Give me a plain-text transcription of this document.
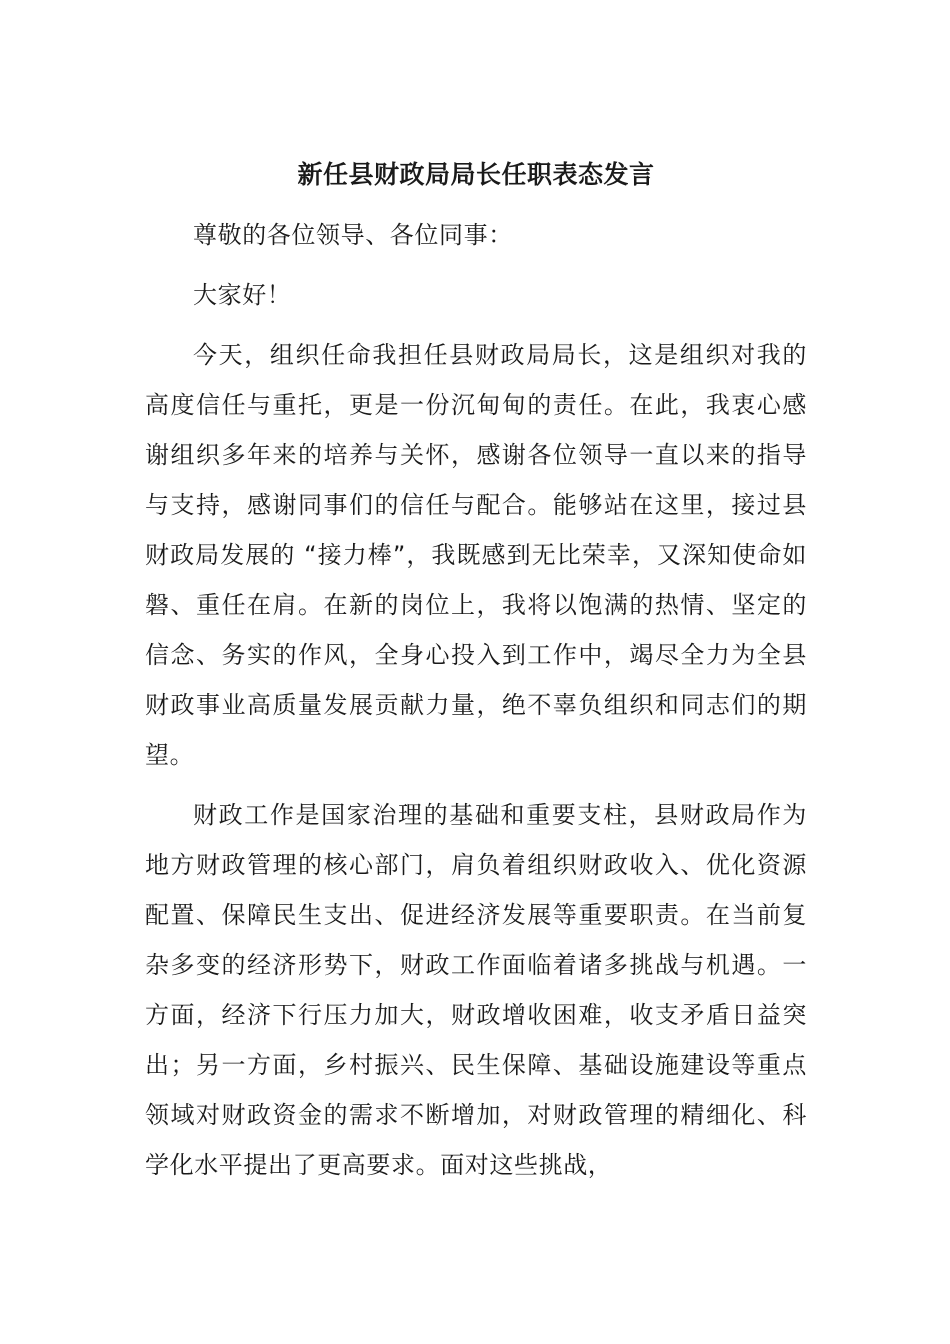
新任县财政局局长任职表态发言

尊敬的各位领导、各位同事：

大家好！

今天，组织任命我担任县财政局局长，这是组织对我的高度信任与重托，更是一份沉甸甸的责任。在此，我衷心感谢组织多年来的培养与关怀，感谢各位领导一直以来的指导与支持，感谢同事们的信任与配合。能够站在这里，接过县财政局发展的 “接力棒”，我既感到无比荣幸，又深知使命如磐、重任在肩。在新的岗位上，我将以饱满的热情、坚定的信念、务实的作风，全身心投入到工作中，竭尽全力为全县财政事业高质量发展贡献力量，绝不辜负组织和同志们的期望。

财政工作是国家治理的基础和重要支柱，县财政局作为地方财政管理的核心部门，肩负着组织财政收入、优化资源配置、保障民生支出、促进经济发展等重要职责。在当前复杂多变的经济形势下，财政工作面临着诸多挑战与机遇。一方面，经济下行压力加大，财政增收困难，收支矛盾日益突出；另一方面，乡村振兴、民生保障、基础设施建设等重点领域对财政资金的需求不断增加，对财政管理的精细化、科学化水平提出了更高要求。面对这些挑战，
